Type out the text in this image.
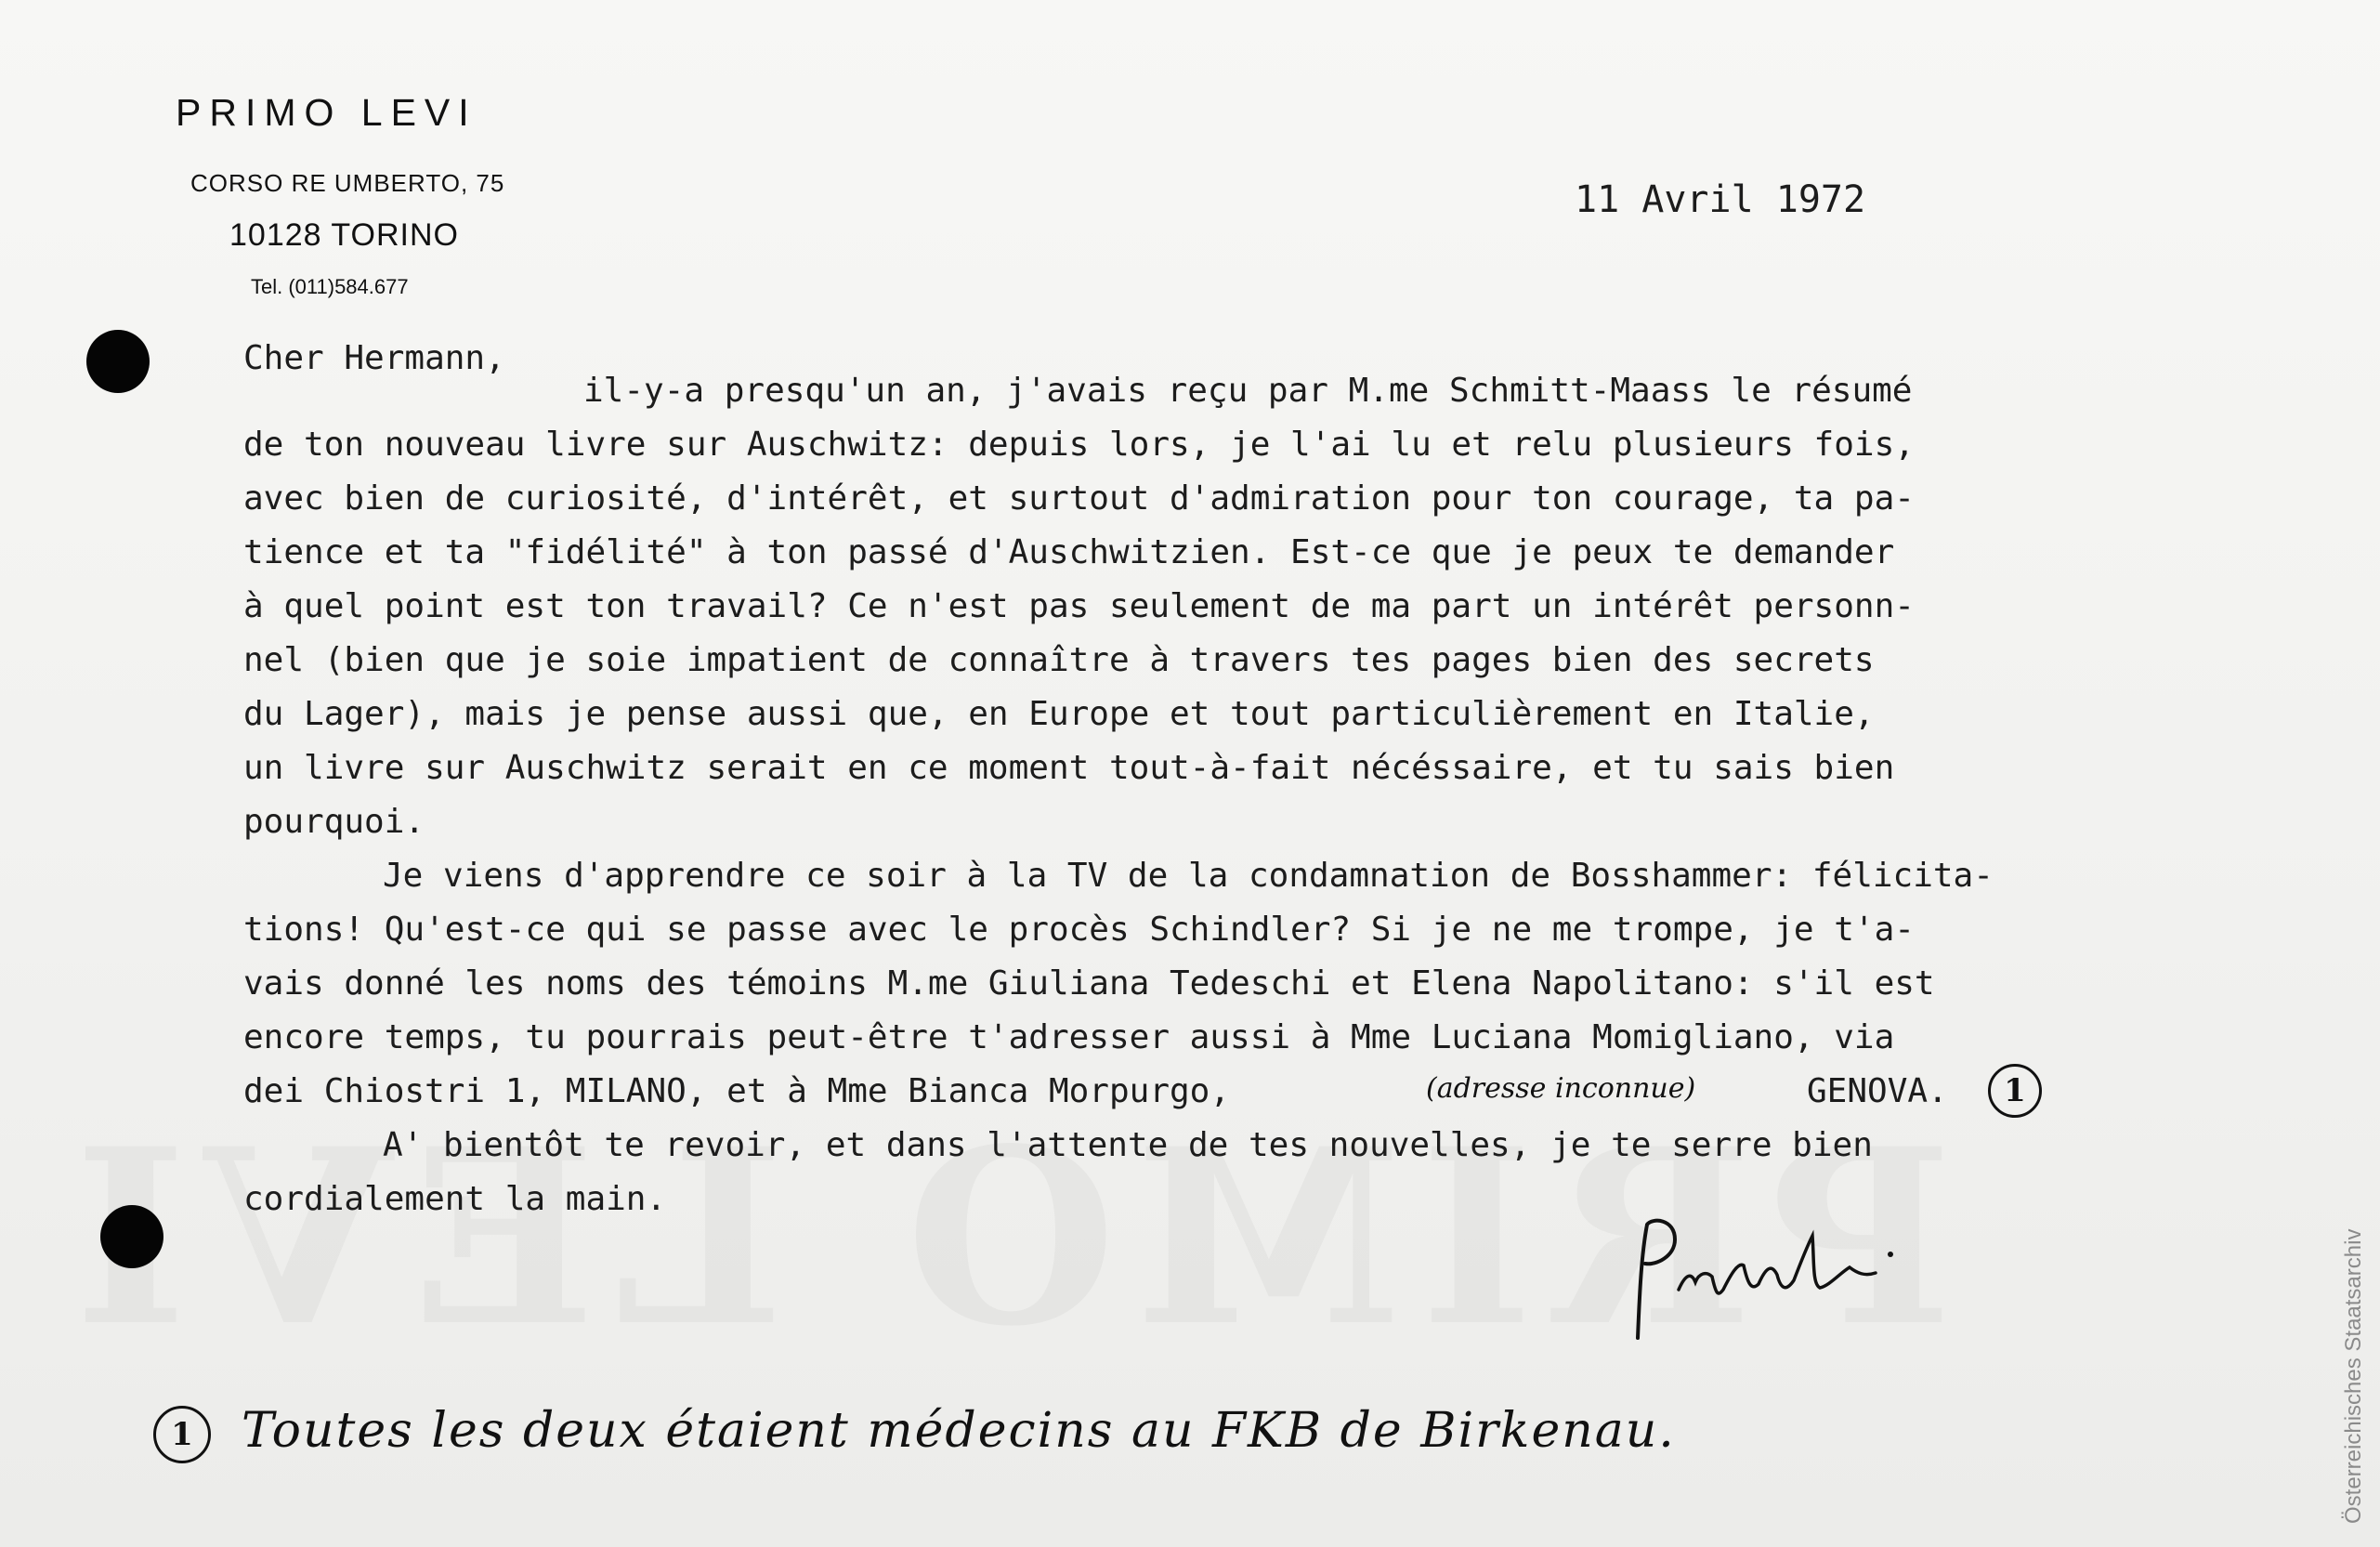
PRIMO LEVI
CORSO RE UMBERTO, 75
10128 TORINO
Tel. (011)584.677
11 Avril 1972
Cher Hermann,
il-y-a presqu'un an, j'avais reçu par M.me Schmitt-Maass le résumé
de ton nouveau livre sur Auschwitz: depuis lors, je l'ai lu et relu plusieurs fois,
avec bien de curiosité, d'intérêt, et surtout d'admiration pour ton courage, ta pa-
tience et ta "fidélité" à ton passé d'Auschwitzien. Est-ce que je peux te demander
à quel point est ton travail? Ce n'est pas seulement de ma part un intérêt personn-
nel (bien que je soie impatient de connaître à travers tes pages bien des secrets
du Lager), mais je pense aussi que, en Europe et tout particulièrement en Italie,
un livre sur Auschwitz serait en ce moment tout-à-fait nécéssaire, et tu sais bien
pourquoi.
Je viens d'apprendre ce soir à la TV de la condamnation de Bosshammer: félicita-
tions! Qu'est-ce qui se passe avec le procès Schindler? Si je ne me trompe, je t'a-
vais donné les noms des témoins M.me Giuliana Tedeschi et Elena Napolitano: s'il est
encore temps, tu pourrais peut-être t'adresser aussi à Mme Luciana Momigliano, via
dei Chiostri 1, MILANO, et à Mme Bianca Morpurgo,	(adresse inconnue)	GENOVA.	1
A' bientôt te revoir, et dans l'attente de tes nouvelles, je te serre bien
cordialement la main.
1	Toutes les deux étaient médecins au FKB de Birkenau.	Österreichisches Staatsarchiv
